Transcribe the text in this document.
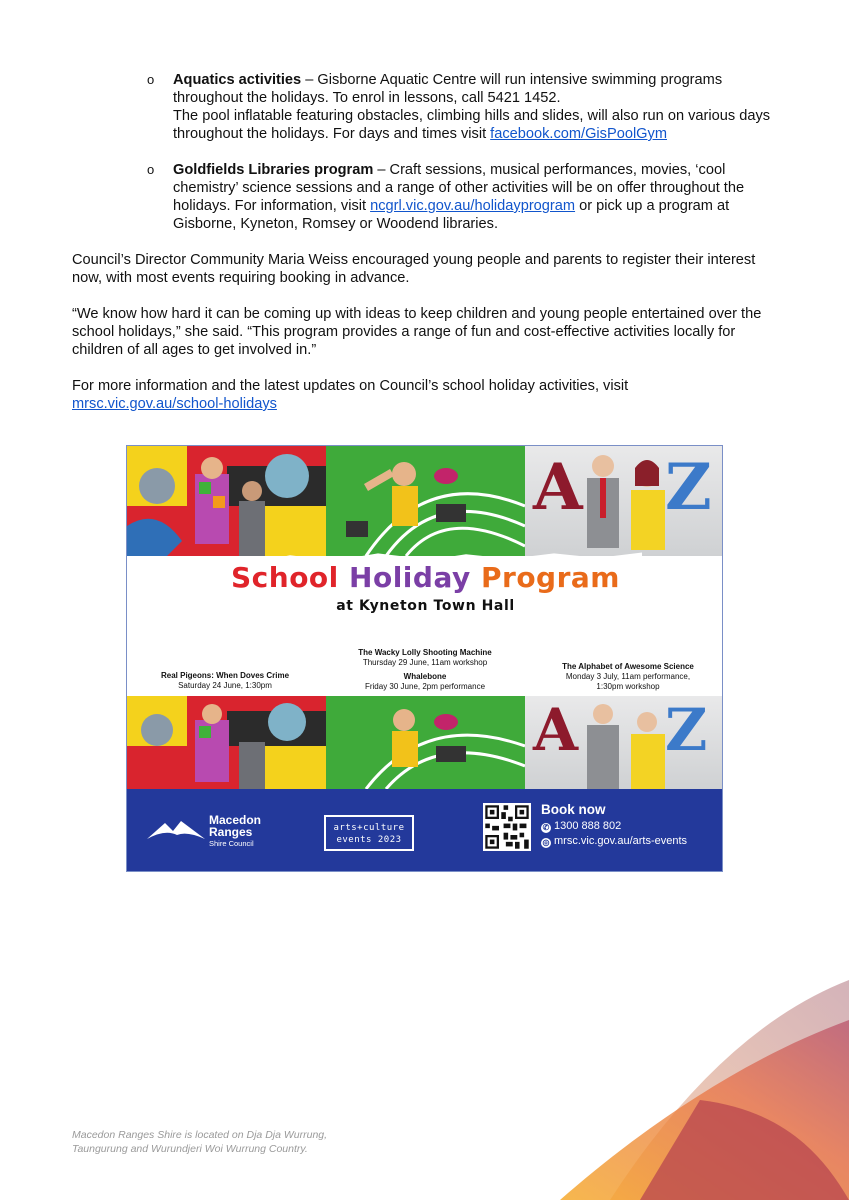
o Aquatics activities – Gisborne Aquatic Centre will run intensive swimming programs throughout the holidays. To enrol in lessons, call 5421 1452.
The pool inflatable featuring obstacles, climbing hills and slides, will also run on various days throughout the holidays. For days and times visit facebook.com/GisPoolGym
o Goldfields Libraries program – Craft sessions, musical performances, movies, ‘cool chemistry’ science sessions and a range of other activities will be on offer throughout the holidays. For information, visit ncgrl.vic.gov.au/holidayprogram or pick up a program at Gisborne, Kyneton, Romsey or Woodend libraries.
Council’s Director Community Maria Weiss encouraged young people and parents to register their interest now, with most events requiring booking in advance.
“We know how hard it can be coming up with ideas to keep children and young people entertained over the school holidays,” she said. “This program provides a range of fun and cost-effective activities locally for children of all ages to get involved in.”
For more information and the latest updates on Council’s school holiday activities, visit
mrsc.vic.gov.au/school-holidays
A Z
School Holiday Program
at Kyneton Town Hall
Real Pigeons: When Doves Crime
Saturday 24 June, 1:30pm
The Wacky Lolly Shooting Machine
Thursday 29 June, 11am workshop
Whalebone
Friday 30 June, 2pm performance
The Alphabet of Awesome Science
Monday 3 July, 11am performance,
1:30pm workshop
A Z
Macedon
Ranges
Shire Council
arts+culture
events 2023
Book now
✆ 1300 888 802
◎ mrsc.vic.gov.au/arts-events
Macedon Ranges Shire is located on Dja Dja Wurrung,
Taungurung and Wurundjeri Woi Wurrung Country.
